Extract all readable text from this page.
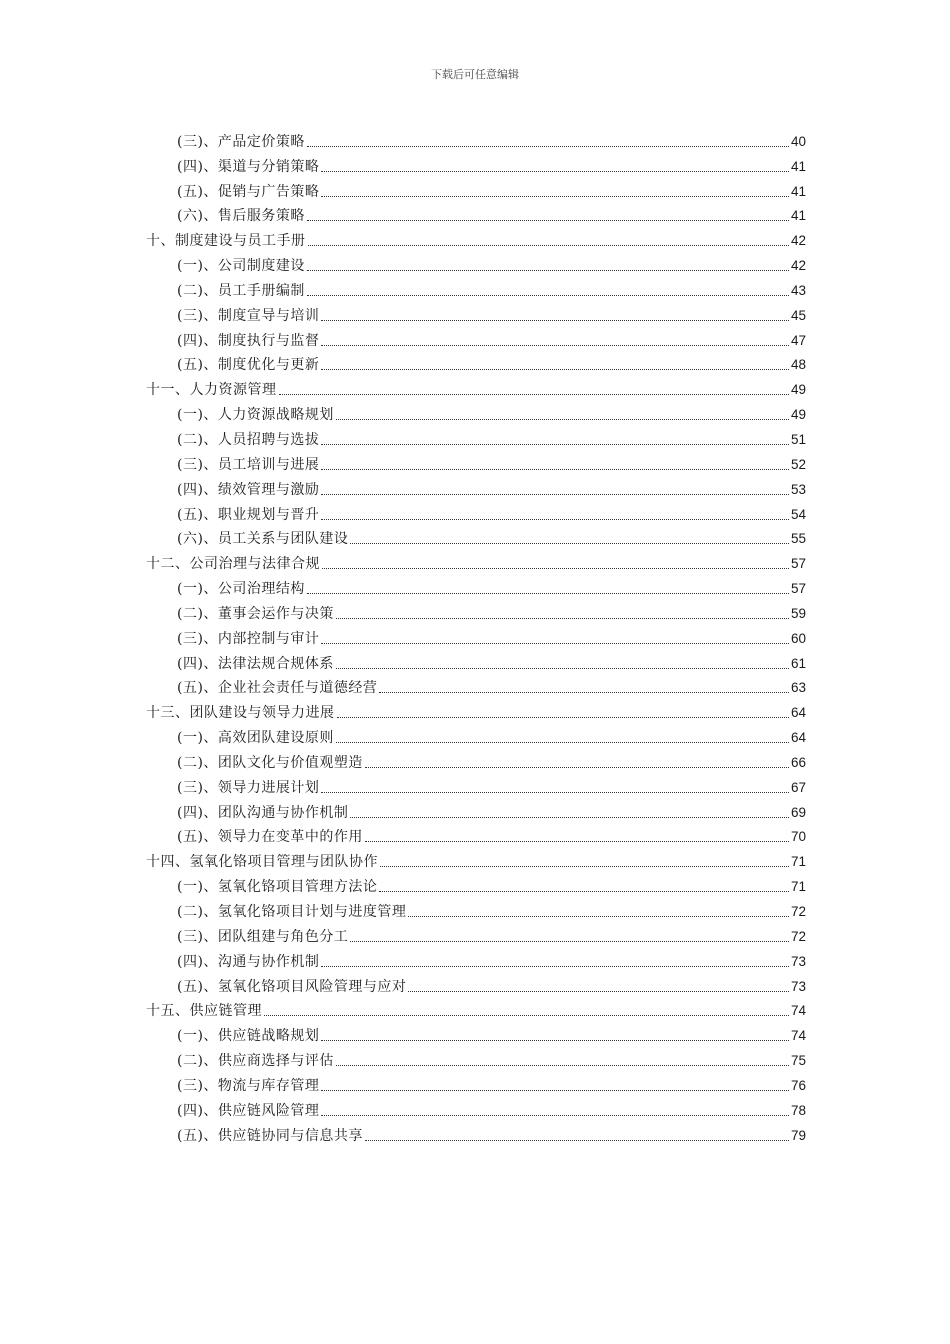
下载后可任意编辑
(三)、产品定价策略	40
(四)、渠道与分销策略	41
(五)、促销与广告策略	41
(六)、售后服务策略	41
十、制度建设与员工手册	42
(一)、公司制度建设	42
(二)、员工手册编制	43
(三)、制度宣导与培训	45
(四)、制度执行与监督	47
(五)、制度优化与更新	48
十一、人力资源管理	49
(一)、人力资源战略规划	49
(二)、人员招聘与选拔	51
(三)、员工培训与进展	52
(四)、绩效管理与激励	53
(五)、职业规划与晋升	54
(六)、员工关系与团队建设	55
十二、公司治理与法律合规	57
(一)、公司治理结构	57
(二)、董事会运作与决策	59
(三)、内部控制与审计	60
(四)、法律法规合规体系	61
(五)、企业社会责任与道德经营	63
十三、团队建设与领导力进展	64
(一)、高效团队建设原则	64
(二)、团队文化与价值观塑造	66
(三)、领导力进展计划	67
(四)、团队沟通与协作机制	69
(五)、领导力在变革中的作用	70
十四、氢氧化铬项目管理与团队协作	71
(一)、氢氧化铬项目管理方法论	71
(二)、氢氧化铬项目计划与进度管理	72
(三)、团队组建与角色分工	72
(四)、沟通与协作机制	73
(五)、氢氧化铬项目风险管理与应对	73
十五、供应链管理	74
(一)、供应链战略规划	74
(二)、供应商选择与评估	75
(三)、物流与库存管理	76
(四)、供应链风险管理	78
(五)、供应链协同与信息共享	79
